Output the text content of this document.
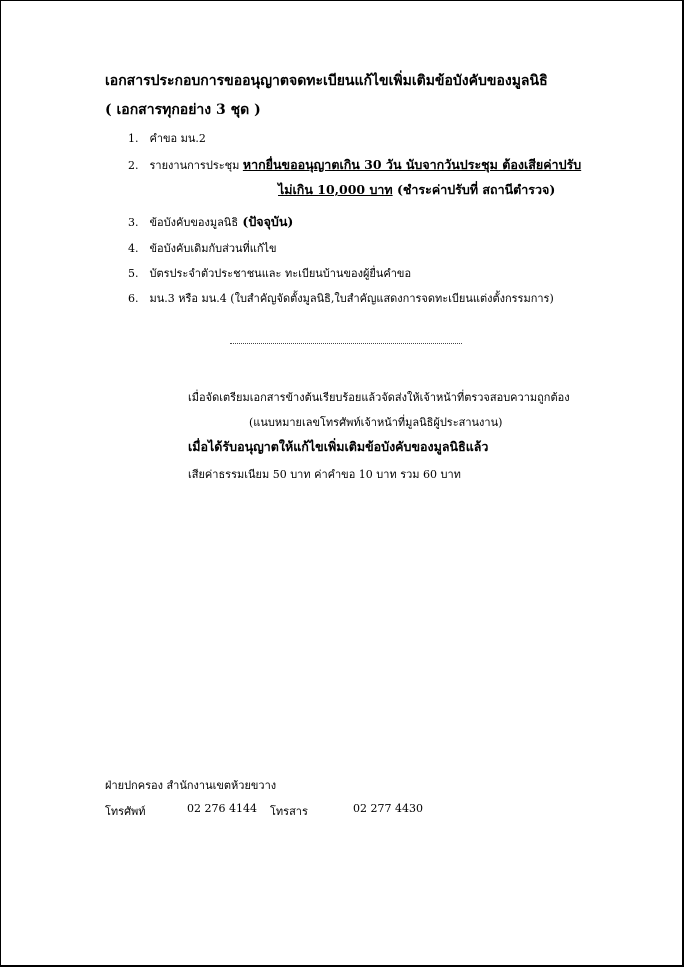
เอกสารประกอบการขออนุญาตจดทะเบียนแก้ไขเพิ่มเติมข้อบังคับของมูลนิธิ
( เอกสารทุกอย่าง 3 ชุด )
1. คำขอ มน.2
2. รายงานการประชุม หากยื่นขออนุญาตเกิน 30 วัน นับจากวันประชุม ต้องเสียค่าปรับ
ไม่เกิน 10,000 บาท (ชำระค่าปรับที่ สถานีตำรวจ)
3. ข้อบังคับของมูลนิธิ (ปัจจุบัน)
4. ข้อบังคับเดิมกับส่วนที่แก้ไข
5. บัตรประจำตัวประชาชนและ ทะเบียนบ้านของผู้ยื่นคำขอ
6. มน.3 หรือ มน.4 (ใบสำคัญจัดตั้งมูลนิธิ,ใบสำคัญแสดงการจดทะเบียนแต่งตั้งกรรมการ)
เมื่อจัดเตรียมเอกสารข้างต้นเรียบร้อยแล้วจัดส่งให้เจ้าหน้าที่ตรวจสอบความถูกต้อง
(แนบหมายเลขโทรศัพท์เจ้าหน้าที่มูลนิธิผู้ประสานงาน)
เมื่อได้รับอนุญาตให้แก้ไขเพิ่มเติมข้อบังคับของมูลนิธิแล้ว
เสียค่าธรรมเนียม 50 บาท ค่าคำขอ 10 บาท รวม 60 บาท
ฝ่ายปกครอง สำนักงานเขตห้วยขวาง
โทรศัพท์	02 276 4144 โทรสาร	02 277 4430
